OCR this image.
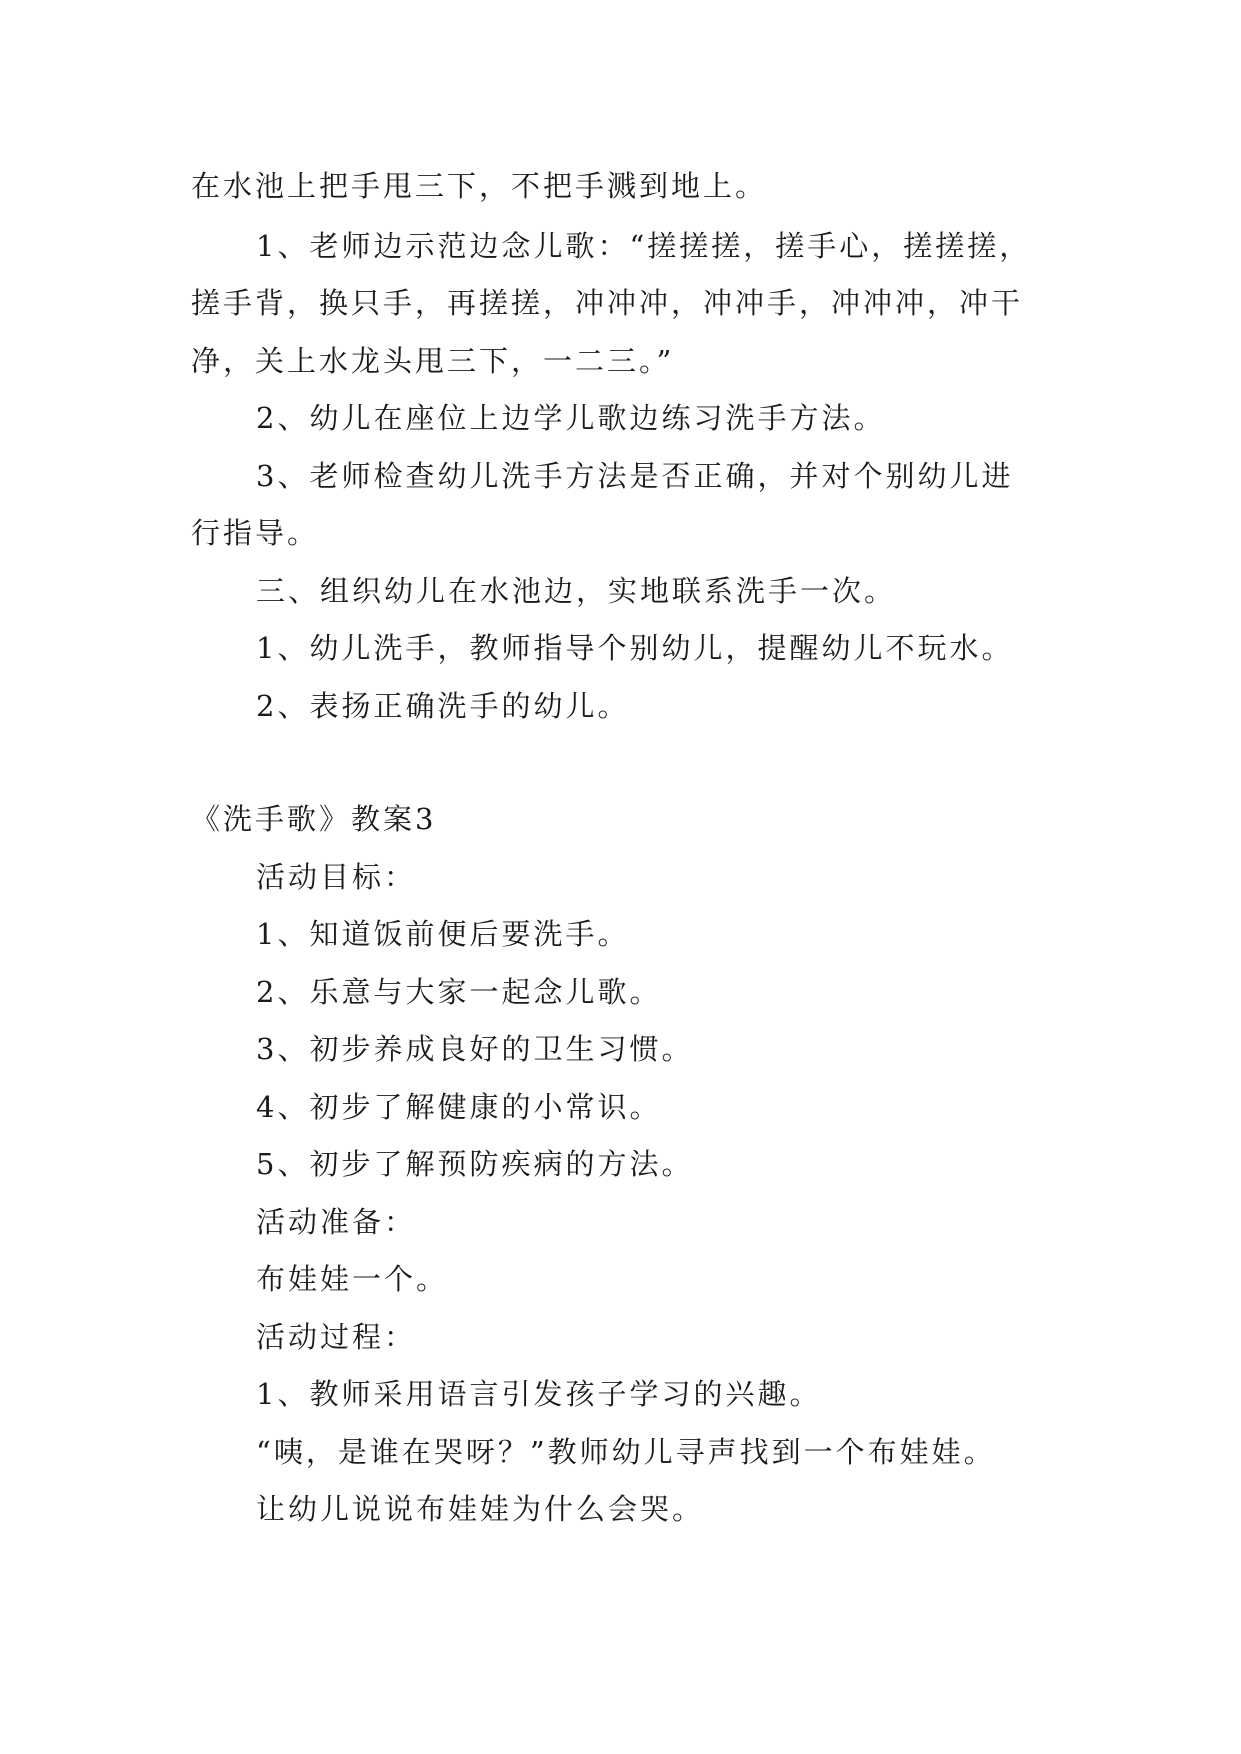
在水池上把手甩三下，不把手溅到地上。
1、老师边示范边念儿歌：“搓搓搓，搓手心，搓搓搓，
搓手背，换只手，再搓搓，冲冲冲，冲冲手，冲冲冲，冲干
净，关上水龙头甩三下，一二三。”
2、幼儿在座位上边学儿歌边练习洗手方法。
3、老师检查幼儿洗手方法是否正确，并对个别幼儿进
行指导。
三、组织幼儿在水池边，实地联系洗手一次。
1、幼儿洗手，教师指导个别幼儿，提醒幼儿不玩水。
2、表扬正确洗手的幼儿。
《洗手歌》教案3
活动目标：
1、知道饭前便后要洗手。
2、乐意与大家一起念儿歌。
3、初步养成良好的卫生习惯。
4、初步了解健康的小常识。
5、初步了解预防疾病的方法。
活动准备：
布娃娃一个。
活动过程：
1、教师采用语言引发孩子学习的兴趣。
“咦，是谁在哭呀？”教师幼儿寻声找到一个布娃娃。
让幼儿说说布娃娃为什么会哭。
